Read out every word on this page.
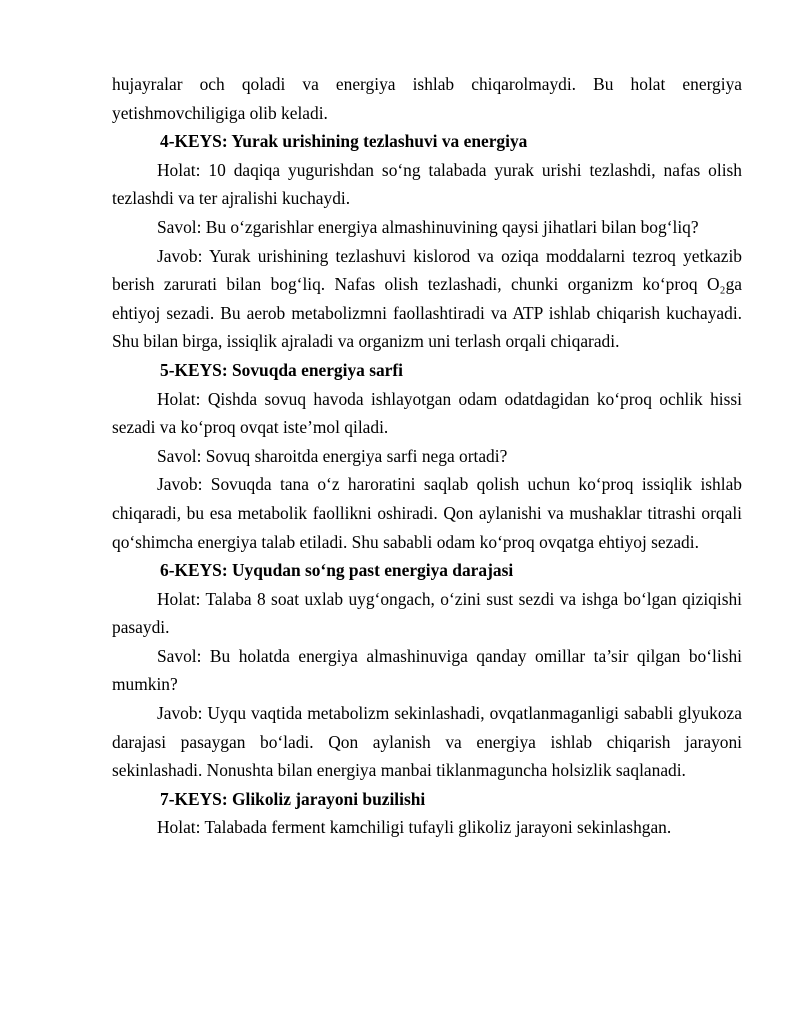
hujayralar och qoladi va energiya ishlab chiqarolmaydi. Bu holat energiya yetishmovchiligiga olib keladi.

4-KEYS: Yurak urishining tezlashuvi va energiya

Holat: 10 daqiqa yugurishdan so‘ng talabada yurak urishi tezlashdi, nafas olish tezlashdi va ter ajralishi kuchaydi.

Savol: Bu o‘zgarishlar energiya almashinuvining qaysi jihatlari bilan bog‘liq?

Javob: Yurak urishining tezlashuvi kislorod va oziqa moddalarni tezroq yetkazib berish zarurati bilan bog‘liq. Nafas olish tezlashadi, chunki organizm ko‘proq O₂ga ehtiyoj sezadi. Bu aerob metabolizmni faollashtiradi va ATP ishlab chiqarish kuchayadi. Shu bilan birga, issiqlik ajraladi va organizm uni terlash orqali chiqaradi.

5-KEYS: Sovuqda energiya sarfi

Holat: Qishda sovuq havoda ishlayotgan odam odatdagidan ko‘proq ochlik hissi sezadi va ko‘proq ovqat iste’mol qiladi.

Savol: Sovuq sharoitda energiya sarfi nega ortadi?

Javob: Sovuqda tana o‘z haroratini saqlab qolish uchun ko‘proq issiqlik ishlab chiqaradi, bu esa metabolik faollikni oshiradi. Qon aylanishi va mushaklar titrashi orqali qo‘shimcha energiya talab etiladi. Shu sababli odam ko‘proq ovqatga ehtiyoj sezadi.

6-KEYS: Uyqudan so‘ng past energiya darajasi

Holat: Talaba 8 soat uxlab uyg‘ongach, o‘zini sust sezdi va ishga bo‘lgan qiziqishi pasaydi.

Savol: Bu holatda energiya almashinuviga qanday omillar ta’sir qilgan bo‘lishi mumkin?

Javob: Uyqu vaqtida metabolizm sekinlashadi, ovqatlanmaganligi sababli glyukoza darajasi pasaygan bo‘ladi. Qon aylanish va energiya ishlab chiqarish jarayoni sekinlashadi. Nonushta bilan energiya manbai tiklanmaguncha holsizlik saqlanadi.

7-KEYS: Glikoliz jarayoni buzilishi

Holat: Talabada ferment kamchiligi tufayli glikoliz jarayoni sekinlashgan.
